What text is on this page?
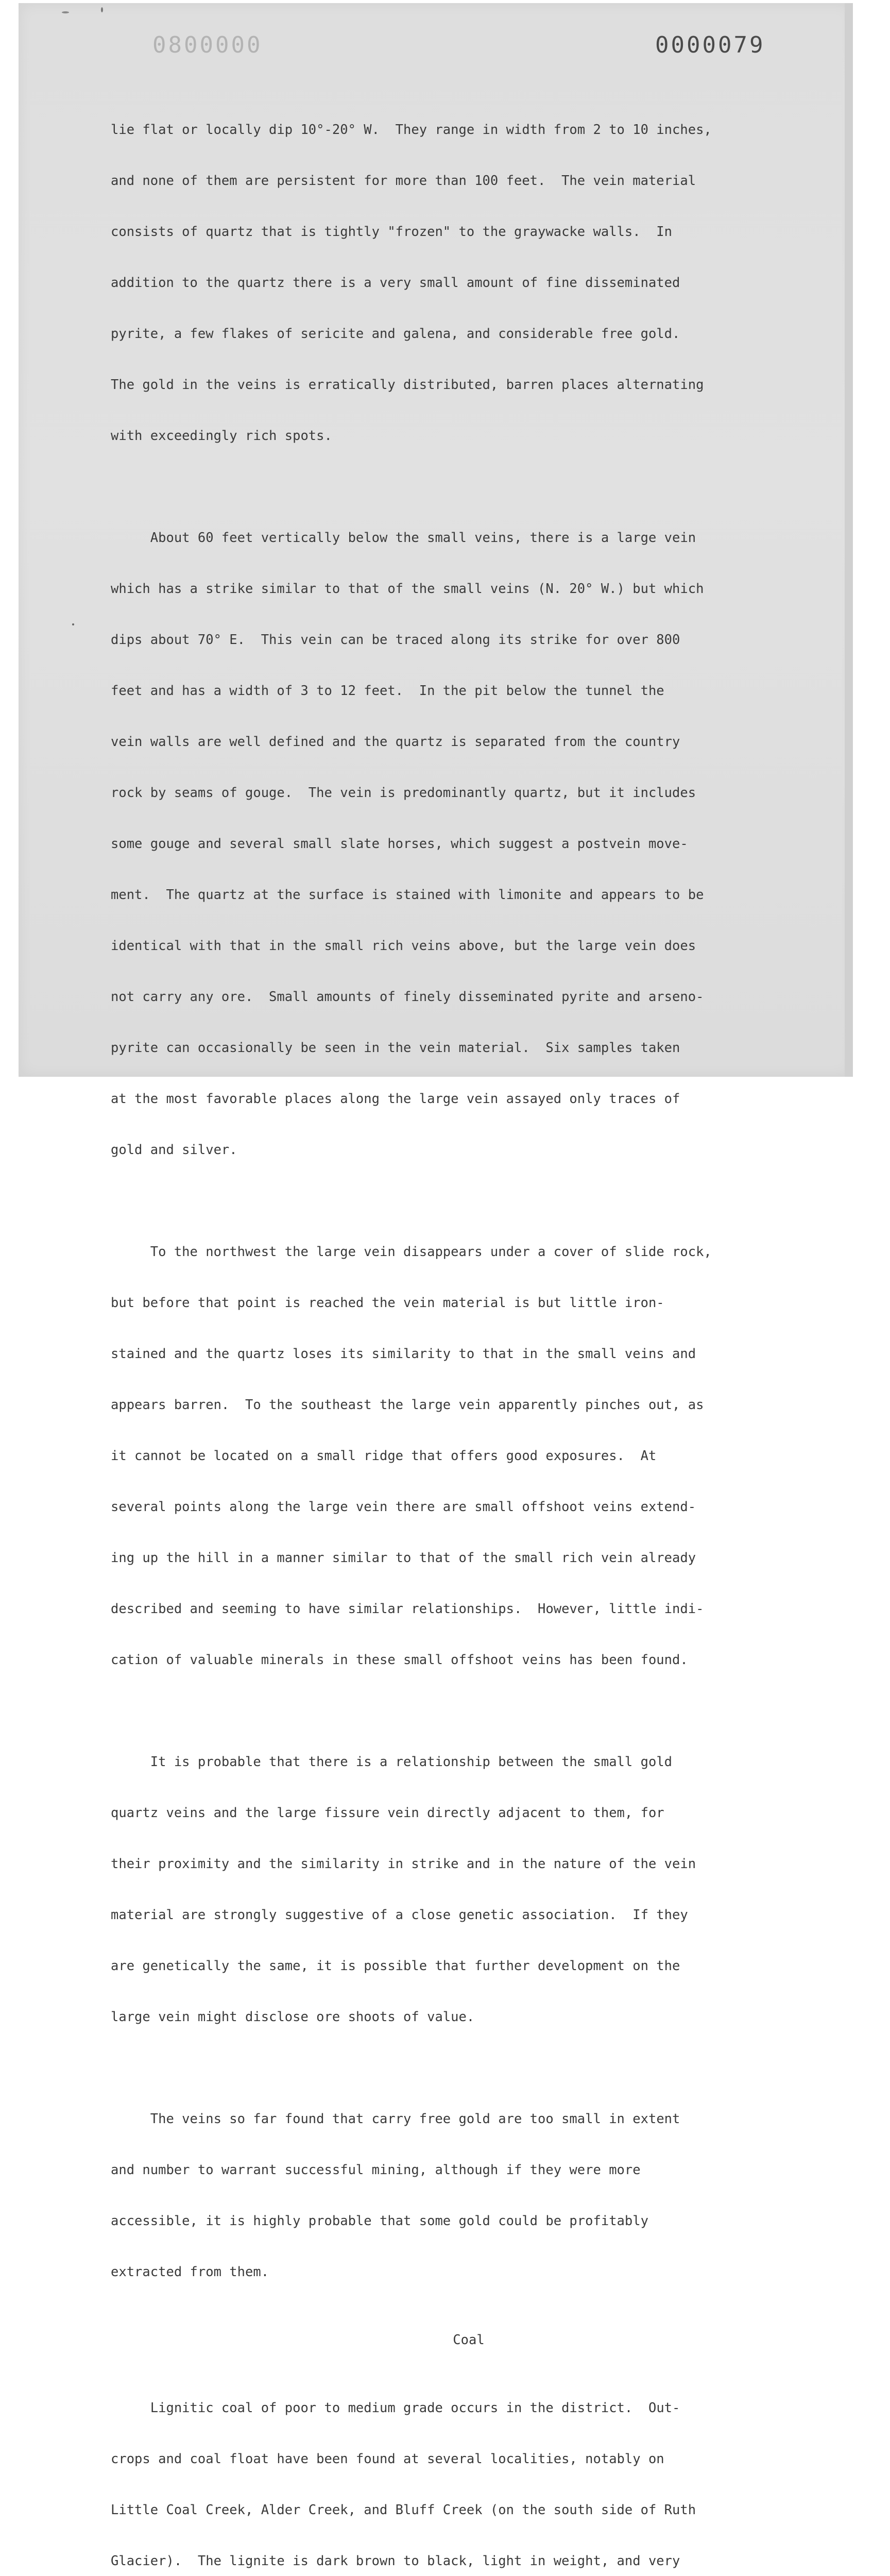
0800000	0000079

lie flat or locally dip 10°-20° W.  They range in width from 2 to 10 inches,

and none of them are persistent for more than 100 feet.  The vein material

consists of quartz that is tightly "frozen" to the graywacke walls.  In

addition to the quartz there is a very small amount of fine disseminated

pyrite, a few flakes of sericite and galena, and considerable free gold.

The gold in the veins is erratically distributed, barren places alternating

with exceedingly rich spots.

About 60 feet vertically below the small veins, there is a large vein

which has a strike similar to that of the small veins (N. 20° W.) but which

dips about 70° E.  This vein can be traced along its strike for over 800

feet and has a width of 3 to 12 feet.  In the pit below the tunnel the

vein walls are well defined and the quartz is separated from the country

rock by seams of gouge.  The vein is predominantly quartz, but it includes

some gouge and several small slate horses, which suggest a postvein move-

ment.  The quartz at the surface is stained with limonite and appears to be

identical with that in the small rich veins above, but the large vein does

not carry any ore.  Small amounts of finely disseminated pyrite and arseno-

pyrite can occasionally be seen in the vein material.  Six samples taken

at the most favorable places along the large vein assayed only traces of

gold and silver.

To the northwest the large vein disappears under a cover of slide rock,

but before that point is reached the vein material is but little iron-

stained and the quartz loses its similarity to that in the small veins and

appears barren.  To the southeast the large vein apparently pinches out, as

it cannot be located on a small ridge that offers good exposures.  At

several points along the large vein there are small offshoot veins extend-

ing up the hill in a manner similar to that of the small rich vein already

described and seeming to have similar relationships.  However, little indi-

cation of valuable minerals in these small offshoot veins has been found.

It is probable that there is a relationship between the small gold

quartz veins and the large fissure vein directly adjacent to them, for

their proximity and the similarity in strike and in the nature of the vein

material are strongly suggestive of a close genetic association.  If they

are genetically the same, it is possible that further development on the

large vein might disclose ore shoots of value.

The veins so far found that carry free gold are too small in extent

and number to warrant successful mining, although if they were more

accessible, it is highly probable that some gold could be profitably

extracted from them.

Coal

Lignitic coal of poor to medium grade occurs in the district.  Out-

crops and coal float have been found at several localities, notably on

Little Coal Creek, Alder Creek, and Bluff Creek (on the south side of Ruth

Glacier).  The lignite is dark brown to black, light in weight, and very
